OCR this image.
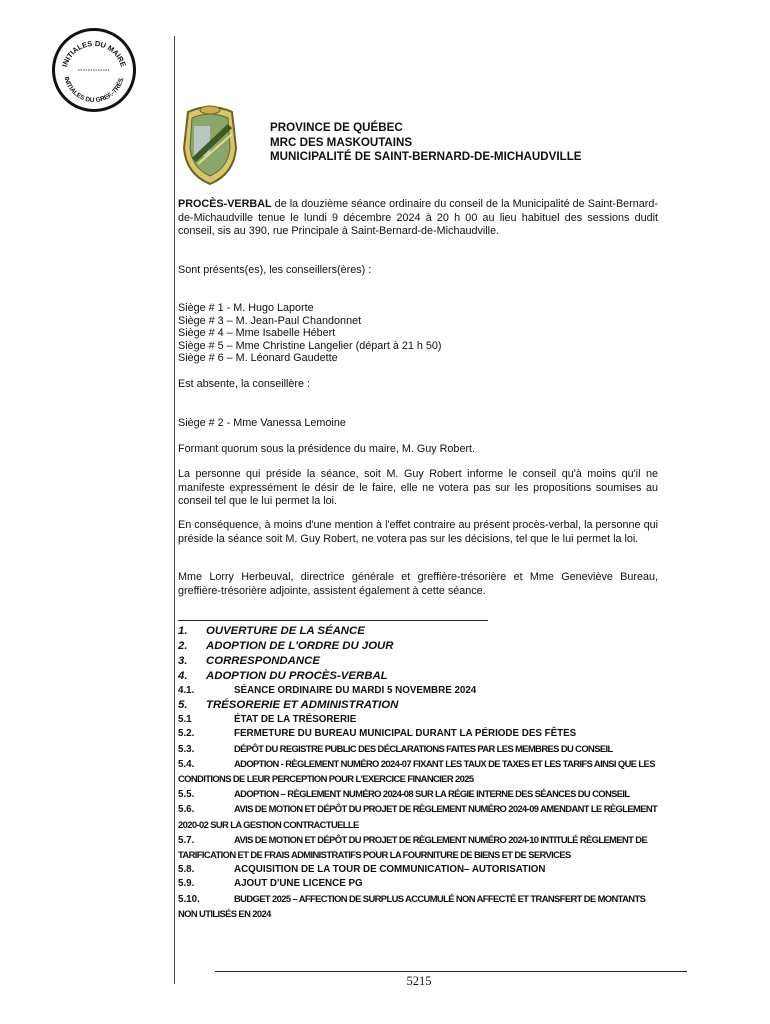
INITIALES DU MAIRE
INITIALES DU GREF.-TRÉS.
PROVINCE DE QUÉBEC
MRC DES MASKOUTAINS
MUNICIPALITÉ DE SAINT-BERNARD-DE-MICHAUDVILLE
PROCÈS-VERBAL de la douzième séance ordinaire du conseil de la Municipalité de Saint-Bernard-de-Michaudville tenue le lundi 9 décembre 2024 à 20 h 00 au lieu habituel des sessions dudit conseil, sis au 390, rue Principale à Saint-Bernard-de-Michaudville.
Sont présents(es), les conseillers(ères) :
Siège # 1 - M. Hugo Laporte
Siège # 3 – M. Jean-Paul Chandonnet
Siège # 4 – Mme Isabelle Hébert
Siège # 5 – Mme Christine Langelier (départ à 21 h 50)
Siège # 6 – M. Léonard Gaudette
Est absente, la conseillère :
Siège # 2 - Mme Vanessa Lemoine
Formant quorum sous la présidence du maire, M. Guy Robert.
La personne qui préside la séance, soit M. Guy Robert informe le conseil qu'à moins qu'il ne manifeste expressément le désir de le faire, elle ne votera pas sur les propositions soumises au conseil tel que le lui permet la loi.
En conséquence, à moins d'une mention à l'effet contraire au présent procès-verbal, la personne qui préside la séance soit M. Guy Robert, ne votera pas sur les décisions, tel que le lui permet la loi.
Mme Lorry Herbeuval, directrice générale et greffière-trésorière et Mme Geneviève Bureau, greffière-trésorière adjointe, assistent également à cette séance.
1. OUVERTURE DE LA SÉANCE
2. ADOPTION DE L'ORDRE DU JOUR
3. CORRESPONDANCE
4. ADOPTION DU PROCÈS-VERBAL
4.1.	SÉANCE ORDINAIRE DU MARDI 5 NOVEMBRE 2024
5. TRÉSORERIE ET ADMINISTRATION
5.1	ÉTAT DE LA TRÉSORERIE
5.2.	FERMETURE DU BUREAU MUNICIPAL DURANT LA PÉRIODE DES FÊTES
5.3.	DÉPÔT DU REGISTRE PUBLIC DES DÉCLARATIONS FAITES PAR LES MEMBRES DU CONSEIL
5.4.	ADOPTION - RÈGLEMENT NUMÉRO 2024-07 FIXANT LES TAUX DE TAXES ET LES TARIFS AINSI QUE LES CONDITIONS DE LEUR PERCEPTION POUR L'EXERCICE FINANCIER 2025
5.5.	ADOPTION – RÈGLEMENT NUMÉRO 2024-08 SUR LA RÉGIE INTERNE DES SÉANCES DU CONSEIL
5.6.	AVIS DE MOTION ET DÉPÔT DU PROJET DE RÈGLEMENT NUMÉRO 2024-09 AMENDANT LE RÈGLEMENT 2020-02 SUR LA GESTION CONTRACTUELLE
5.7.	AVIS DE MOTION ET DÉPÔT DU PROJET DE RÈGLEMENT NUMÉRO 2024-10 INTITULÉ RÈGLEMENT DE TARIFICATION ET DE FRAIS ADMINISTRATIFS POUR LA FOURNITURE DE BIENS ET DE SERVICES
5.8.	ACQUISITION DE LA TOUR DE COMMUNICATION– AUTORISATION
5.9.	AJOUT D'UNE LICENCE PG
5.10.	BUDGET 2025 – AFFECTION DE SURPLUS ACCUMULÉ NON AFFECTÉ ET TRANSFERT DE MONTANTS NON UTILISÉS EN 2024
5215
